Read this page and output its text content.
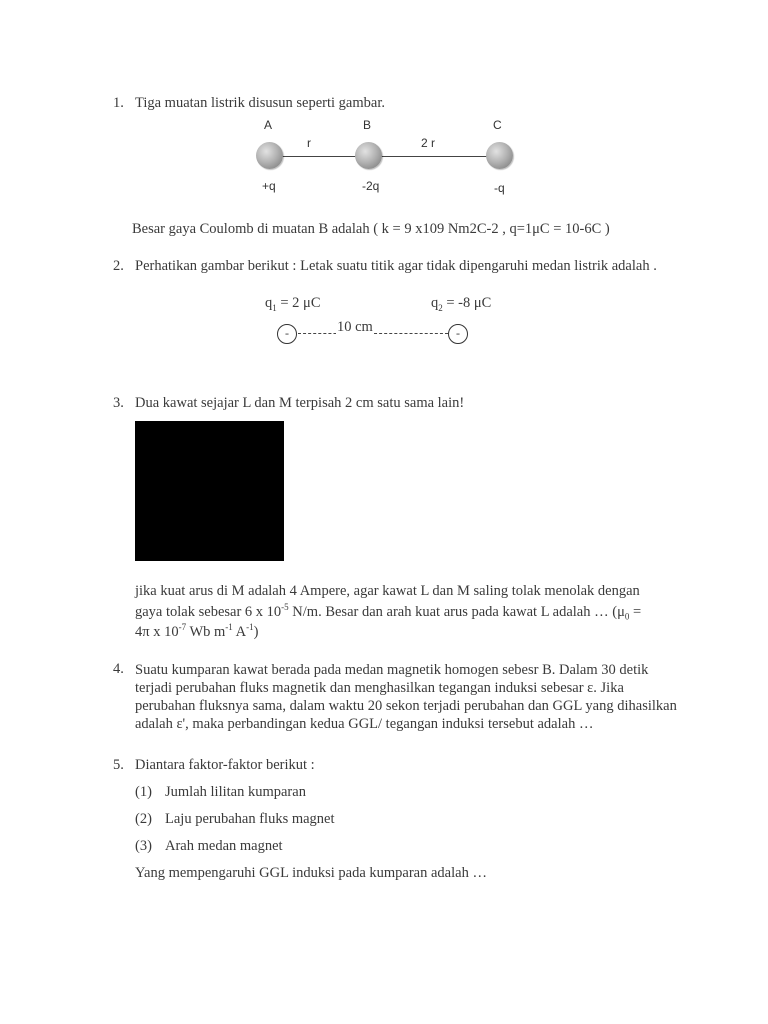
1. Tiga muatan listrik disusun seperti gambar.
A	B	C
r	2 r
+q	-2q	-q
Besar gaya Coulomb di muatan B adalah ( k = 9 x109 Nm2C-2 , q=1μC = 10-6C )
2. Perhatikan gambar berikut : Letak suatu titik agar tidak dipengaruhi medan listrik adalah .
$q_1 = 2$ μC	$q_2 = -8$ μC
-	-
10 cm
3. Dua kawat sejajar L dan M terpisah 2 cm satu sama lain!
jika kuat arus di M adalah 4 Ampere, agar kawat L dan M saling tolak menolak dengan
gaya tolak sebesar 6 x $10^{-5}$ N/m. Besar dan arah kuat arus pada kawat L adalah … ($\mu_0$ =
4π x $10^{-7}$ Wb $m^{-1}$ $A^{-1}$)
4. Suatu kumparan kawat berada pada medan magnetik homogen sebesr B. Dalam 30 detik terjadi perubahan fluks magnetik dan menghasilkan tegangan induksi sebesar ε. Jika perubahan fluksnya sama, dalam waktu 20 sekon terjadi perubahan dan GGL yang dihasilkan adalah ε', maka perbandingan kedua GGL/ tegangan induksi tersebut adalah …
5. Diantara faktor-faktor berikut :
(1) Jumlah lilitan kumparan
(2) Laju perubahan fluks magnet
(3) Arah medan magnet
Yang mempengaruhi GGL induksi pada kumparan adalah …
